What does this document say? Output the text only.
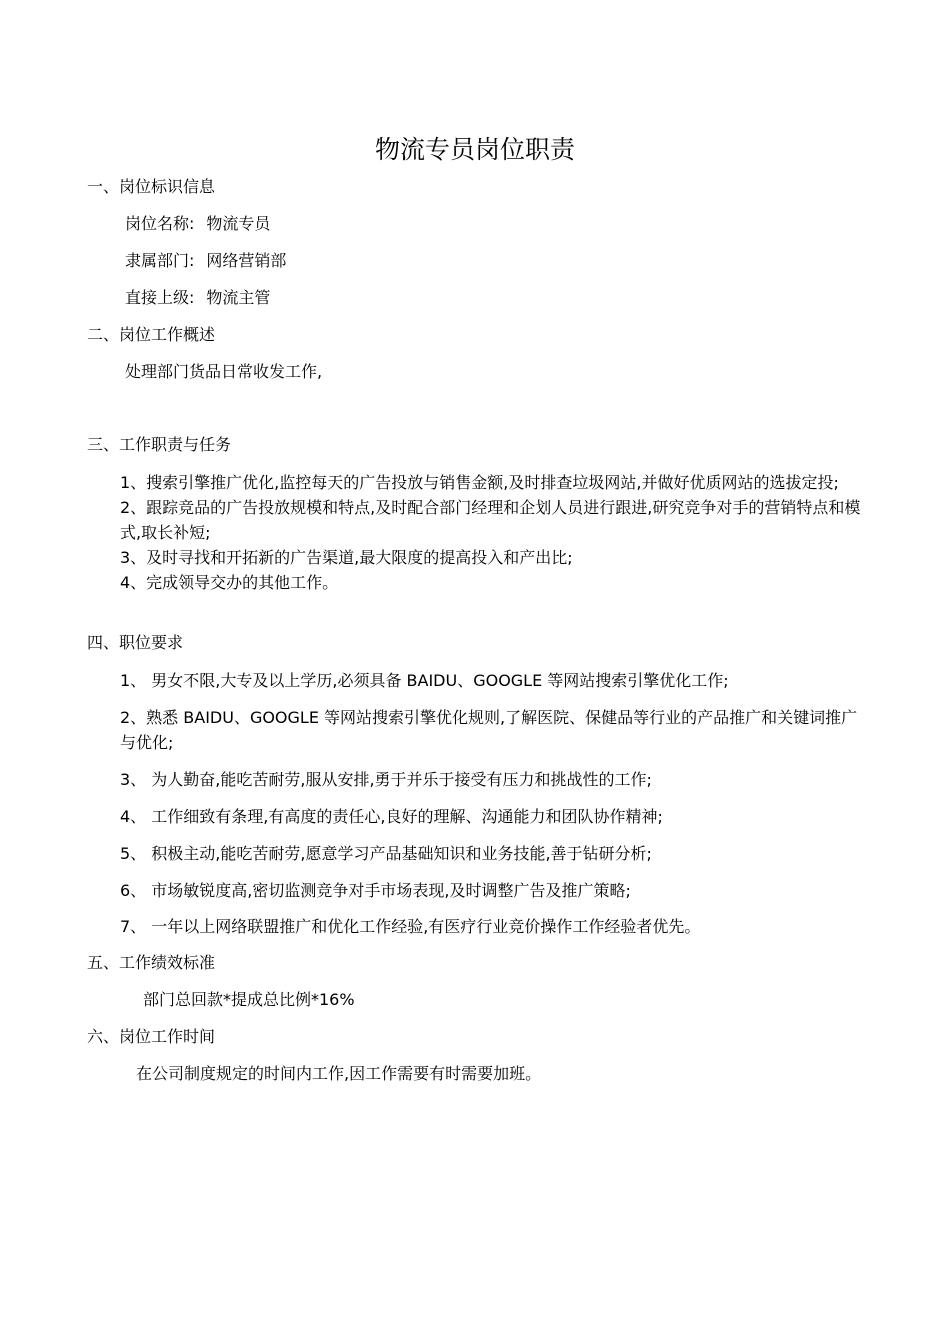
物流专员岗位职责
一、岗位标识信息
岗位名称: 物流专员
隶属部门: 网络营销部
直接上级: 物流主管
二、岗位工作概述
处理部门货品日常收发工作,
三、工作职责与任务
1、搜索引擎推广优化,监控每天的广告投放与销售金额,及时排查垃圾网站,并做好优质网站的选拔定投;
2、跟踪竞品的广告投放规模和特点,及时配合部门经理和企划人员进行跟进,研究竞争对手的营销特点和模式,取长补短;
3、及时寻找和开拓新的广告渠道,最大限度的提高投入和产出比;
4、完成领导交办的其他工作。
四、职位要求
1、 男女不限,大专及以上学历,必须具备 BAIDU、GOOGLE 等网站搜索引擎优化工作;
2、熟悉 BAIDU、GOOGLE 等网站搜索引擎优化规则,了解医院、保健品等行业的产品推广和关键词推广与优化;
3、 为人勤奋,能吃苦耐劳,服从安排,勇于并乐于接受有压力和挑战性的工作;
4、 工作细致有条理,有高度的责任心,良好的理解、沟通能力和团队协作精神;
5、 积极主动,能吃苦耐劳,愿意学习产品基础知识和业务技能,善于钻研分析;
6、 市场敏锐度高,密切监测竞争对手市场表现,及时调整广告及推广策略;
7、 一年以上网络联盟推广和优化工作经验,有医疗行业竞价操作工作经验者优先。
五、工作绩效标准
部门总回款*提成总比例*16%
六、岗位工作时间
在公司制度规定的时间内工作,因工作需要有时需要加班。
